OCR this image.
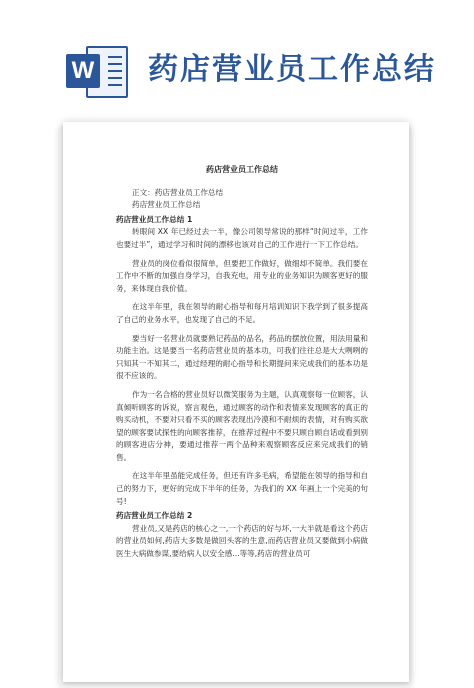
W 药店营业员工作总结
药店营业员工作总结

正文：药店营业员工作总结

药店营业员工作总结

药店营业员工作总结 1

转眼间 XX 年已经过去一半，像公司领导常说的那样“时间过半，工作也要过半”，通过学习和时间的漂移也该对自己的工作进行一下工作总结。

营业员的岗位看似很简单，但要把工作做好，做细却不简单。我们要在工作中不断的加强自身学习，自我充电，用专业的业务知识为顾客更好的服务，来体现自我价值。

在这半年里，我在领导的耐心指导和每月培训知识下我学到了很多提高了自己的业务水平，也发现了自己的不足。

要当好一名营业员就要熟记药品的品名，药品的摆放位置，用法用量和功能主治。这是要当一名药店营业员的基本功，可我们往往总是大大咧咧的只知其一不知其二，通过经理的耐心指导和长期提问来完成我们的基本功是很不应该的。

作为一名合格的营业员好以微笑服务为主题，认真观察每一位顾客，认真倾听顾客的诉说，察言观色，通过顾客的动作和表情来发现顾客的真正的购买动机，不要对只看不买的顾客表现出冷漠和不耐烦的表情，对有购买欲望的顾客要试探性的向顾客推荐，在推荐过程中不要只顾自顾自话或看到别的顾客进店分神，要通过推荐一两个品种来观察顾客反应来完成我们的销售。

在这半年里虽能完成任务，但还有许多毛病，希望能在领导的指导和自己的努力下，更好的完成下半年的任务，为我们的 XX 年画上一个完美的句号!

药店营业员工作总结 2

营业员,又是药店的核心之一,一个药店的好与坏,一大半就是看这个药店的营业员如何,药店大多数是做回头客的生意,而药店营业员又要做到小病做医生大病做参谋,要给病人以安全感...等等,药店的营业员可
